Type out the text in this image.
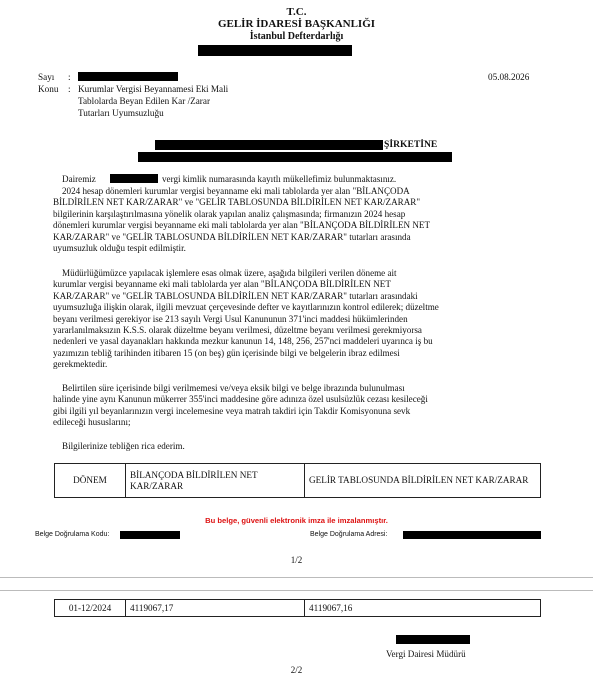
T.C.
GELİR İDARESİ BAŞKANLIĞI
İstanbul Defterdarlığı
Sayı :	05.08.2026
Konu : Kurumlar Vergisi Beyannamesi Eki Mali
Tablolarda Beyan Edilen Kar /Zarar
Tutarları Uyumsuzluğu
ŞİRKETİNE
Dairemiz	vergi kimlik numarasında kayıtlı mükellefimiz bulunmaktasınız.
2024 hesap dönemleri kurumlar vergisi beyanname eki mali tablolarda yer alan "BİLANÇODA
BİLDİRİLEN NET KAR/ZARAR" ve "GELİR TABLOSUNDA BİLDİRİLEN NET KAR/ZARAR"
bilgilerinin karşılaştırılmasına yönelik olarak yapılan analiz çalışmasında; firmanızın 2024 hesap
dönemleri kurumlar vergisi beyanname eki mali tablolarda yer alan "BİLANÇODA BİLDİRİLEN NET
KAR/ZARAR" ve "GELİR TABLOSUNDA BİLDİRİLEN NET KAR/ZARAR" tutarları arasında
uyumsuzluk olduğu tespit edilmiştir.
Müdürlüğümüzce yapılacak işlemlere esas olmak üzere, aşağıda bilgileri verilen döneme ait
kurumlar vergisi beyanname eki mali tablolarda yer alan "BİLANÇODA BİLDİRİLEN NET
KAR/ZARAR" ve "GELİR TABLOSUNDA BİLDİRİLEN NET KAR/ZARAR" tutarları arasındaki
uyumsuzluğa ilişkin olarak, ilgili mevzuat çerçevesinde defter ve kayıtlarınızın kontrol edilerek; düzeltme
beyanı verilmesi gerekiyor ise 213 sayılı Vergi Usul Kanununun 371'inci maddesi hükümlerinden
yararlanılmaksızın K.S.S. olarak düzeltme beyanı verilmesi, düzeltme beyanı verilmesi gerekmiyorsa
nedenleri ve yasal dayanakları hakkında mezkur kanunun 14, 148, 256, 257'nci maddeleri uyarınca iş bu
yazımızın tebliğ tarihinden itibaren 15 (on beş) gün içerisinde bilgi ve belgelerin ibraz edilmesi
gerekmektedir.
Belirtilen süre içerisinde bilgi verilmemesi ve/veya eksik bilgi ve belge ibrazında bulunulması
halinde yine aynı Kanunun mükerrer 355'inci maddesine göre adınıza özel usulsüzlük cezası kesileceği
gibi ilgili yıl beyanlarınızın vergi incelemesine veya matrah takdiri için Takdir Komisyonuna sevk
edileceği hususlarını;
Bilgilerinize tebliğen rica ederim.
DÖNEM	BİLANÇODA BİLDİRİLEN NET KAR/ZARAR	GELİR TABLOSUNDA BİLDİRİLEN NET KAR/ZARAR
Bu belge, güvenli elektronik imza ile imzalanmıştır.
Belge Doğrulama Kodu:	Belge Doğrulama Adresi:
1/2
01-12/2024	4119067,17	4119067,16
Vergi Dairesi Müdürü
2/2
